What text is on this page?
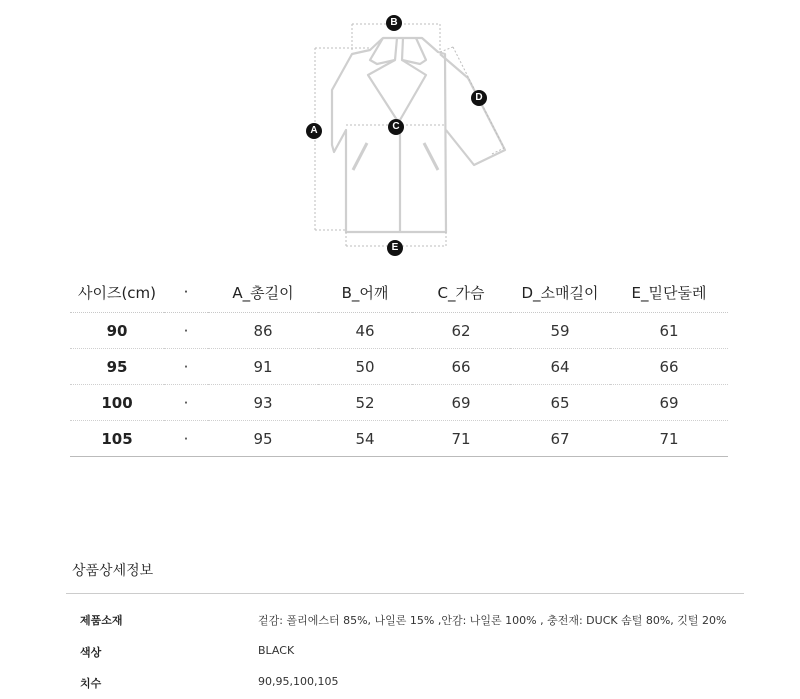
B
A	C
D
E
사이즈(cm)	·	A_총길이	B_어깨	C_가슴	D_소매길이	E_밑단둘레
90	·	86	46	62	59	61
95	·	91	50	66	64	66
100	·	93	52	69	65	69
105	·	95	54	71	67	71
상품상세정보
제품소재	겉감: 폴리에스터 85%, 나일론 15% ,안감: 나일론 100% , 충전재: DUCK 솜털 80%, 깃털 20%
색상	BLACK
치수	90,95,100,105
